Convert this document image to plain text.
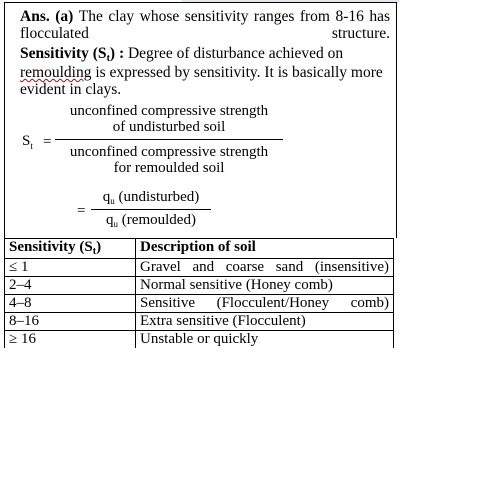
Ans. (a) The clay whose sensitivity ranges from 8-16 has flocculated structure.
Sensitivity (St) : Degree of disturbance achieved on remoulding is expressed by sensitivity. It is basically more evident in clays.
$S_t$ =
unconfined compressive strength
of undisturbed soil
unconfined compressive strength
for remoulded soil
=
$q_u$ (undisturbed)
$q_u$ (remoulded)
Sensitivity $(S_t)$	Description of soil
≤ 1	Gravel and coarse sand (insensitive)

2–4	Normal sensitive (Honey comb)
4–8	Sensitive (Flocculent/Honey comb)

8–16	Extra sensitive (Flocculent)
≥ 16	Unstable or quickly
